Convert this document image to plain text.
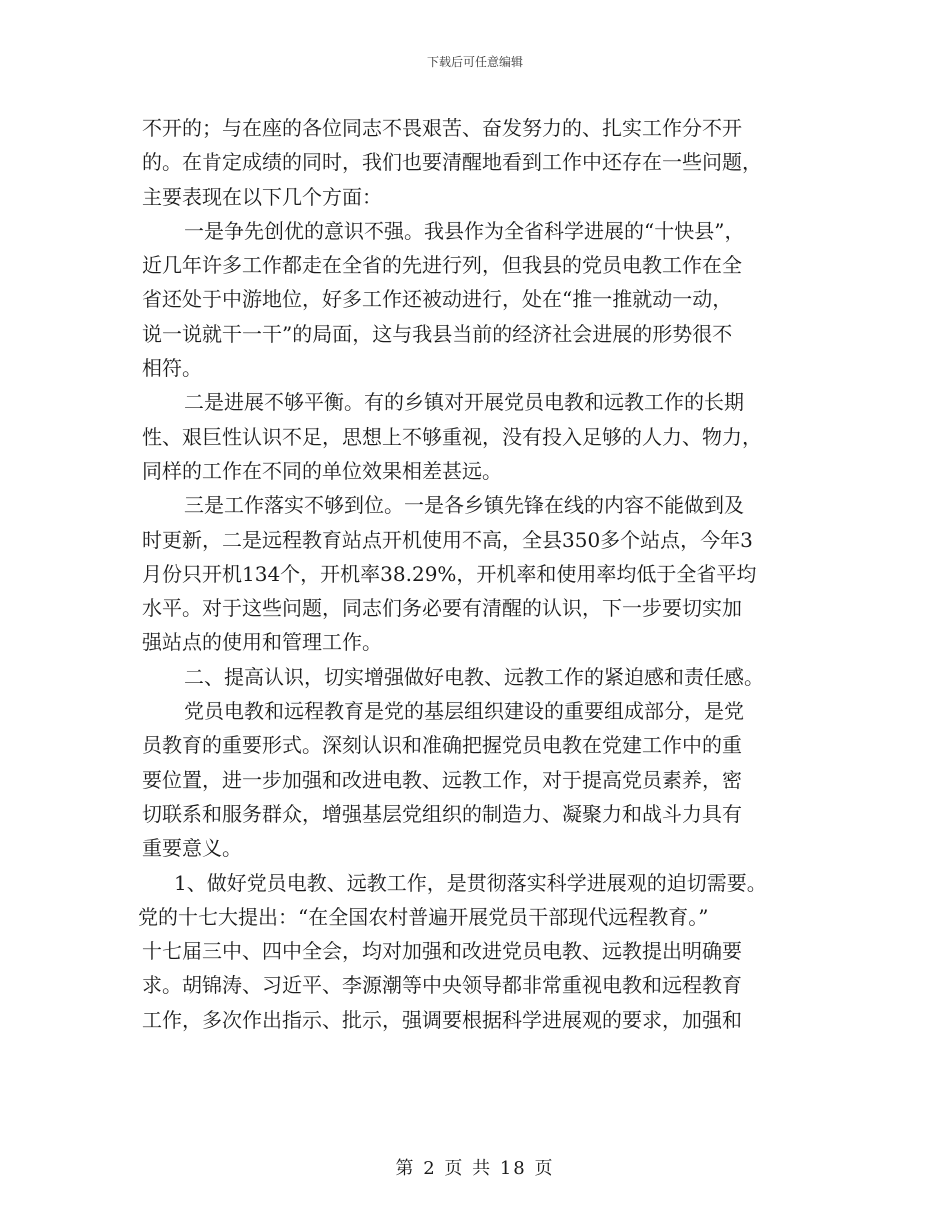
下载后可任意编辑
不开的；与在座的各位同志不畏艰苦、奋发努力的、扎实工作分不开
的。在肯定成绩的同时，我们也要清醒地看到工作中还存在一些问题，
主要表现在以下几个方面：
一是争先创优的意识不强。我县作为全省科学进展的“十快县”，
近几年许多工作都走在全省的先进行列，但我县的党员电教工作在全
省还处于中游地位，好多工作还被动进行，处在“推一推就动一动，
说一说就干一干”的局面，这与我县当前的经济社会进展的形势很不
相符。
二是进展不够平衡。有的乡镇对开展党员电教和远教工作的长期
性、艰巨性认识不足，思想上不够重视，没有投入足够的人力、物力，
同样的工作在不同的单位效果相差甚远。
三是工作落实不够到位。一是各乡镇先锋在线的内容不能做到及
时更新，二是远程教育站点开机使用不高，全县350多个站点，今年3
月份只开机134个，开机率38.29%，开机率和使用率均低于全省平均
水平。对于这些问题，同志们务必要有清醒的认识，下一步要切实加
强站点的使用和管理工作。
二、提高认识，切实增强做好电教、远教工作的紧迫感和责任感。
党员电教和远程教育是党的基层组织建设的重要组成部分，是党
员教育的重要形式。深刻认识和准确把握党员电教在党建工作中的重
要位置，进一步加强和改进电教、远教工作，对于提高党员素养，密
切联系和服务群众，增强基层党组织的制造力、凝聚力和战斗力具有
重要意义。
1、做好党员电教、远教工作，是贯彻落实科学进展观的迫切需要。
党的十七大提出：“在全国农村普遍开展党员干部现代远程教育。”
十七届三中、四中全会，均对加强和改进党员电教、远教提出明确要
求。胡锦涛、习近平、李源潮等中央领导都非常重视电教和远程教育
工作，多次作出指示、批示，强调要根据科学进展观的要求，加强和
第 2 页 共 18 页
